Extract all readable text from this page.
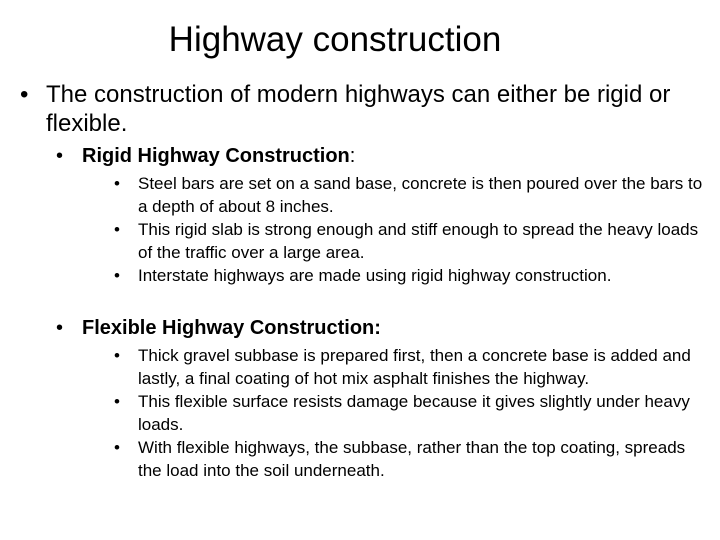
Highway construction
• The construction of modern highways can either be rigid or flexible.
• Rigid Highway Construction:
•	Steel bars are set on a sand base, concrete is then poured over the bars to a depth of about 8 inches.
•	This rigid slab is strong enough and stiff enough to spread the heavy loads of the traffic over a large area.
•	Interstate highways are made using rigid highway construction.
• Flexible Highway Construction:
•	Thick gravel subbase is prepared first, then a concrete base is added and lastly, a final coating of hot mix asphalt finishes the highway.
•	This flexible surface resists damage because it gives slightly under heavy loads.
•	With flexible highways, the subbase, rather than the top coating, spreads the load into the soil underneath.
